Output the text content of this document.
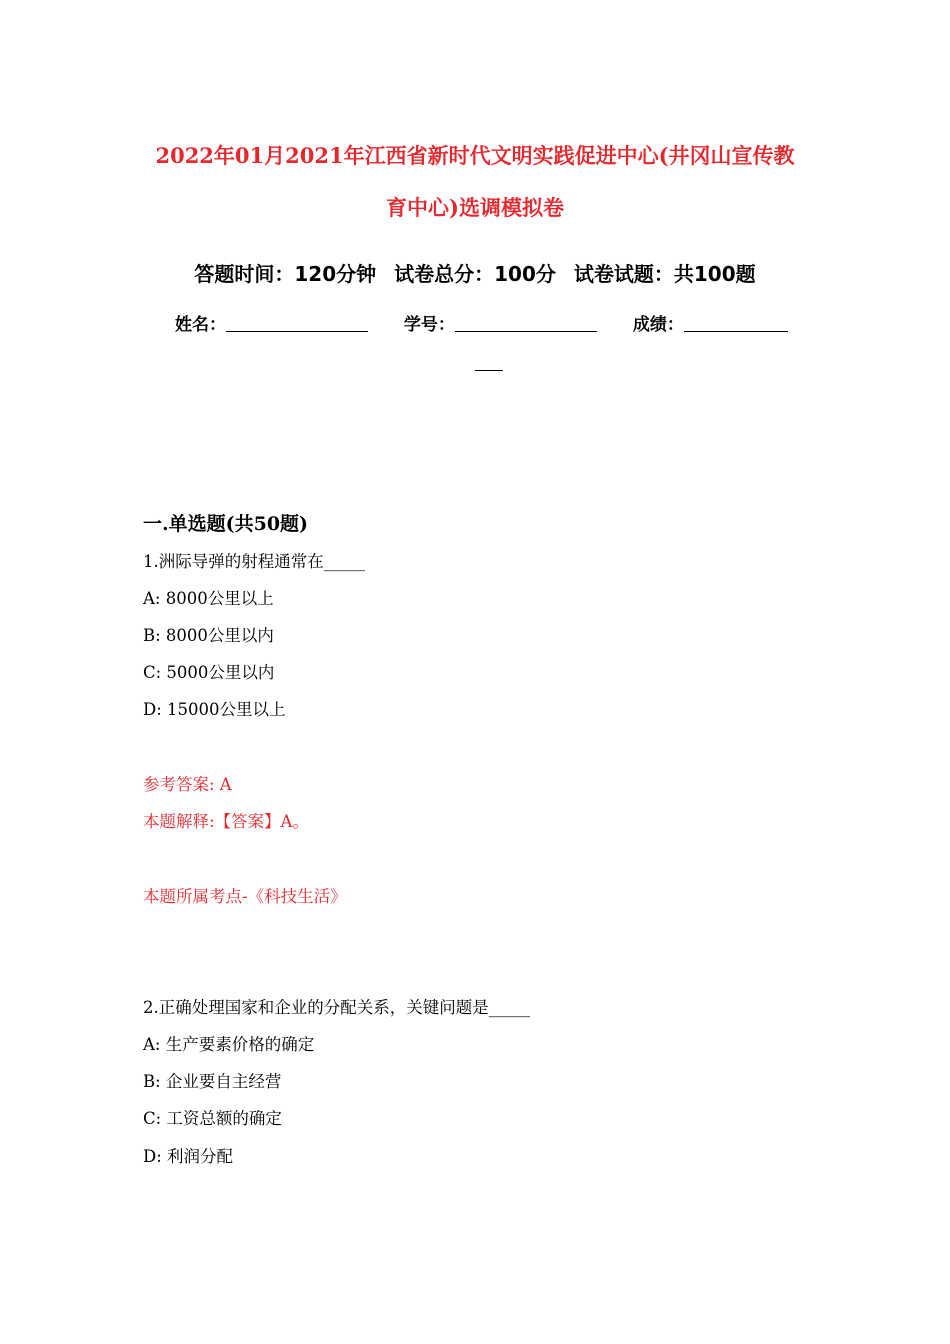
2022年01月2021年江西省新时代文明实践促进中心(井冈山宣传教
育中心)选调模拟卷
答题时间：120分钟 试卷总分：100分 试卷试题：共100题
姓名：	学号：	成绩：
一.单选题(共50题)
1.洲际导弹的射程通常在_____
A: 8000公里以上
B: 8000公里以内
C: 5000公里以内
D: 15000公里以上
参考答案: A
本题解释:【答案】A。
本题所属考点-《科技生活》
2.正确处理国家和企业的分配关系，关键问题是_____
A: 生产要素价格的确定
B: 企业要自主经营
C: 工资总额的确定
D: 利润分配
